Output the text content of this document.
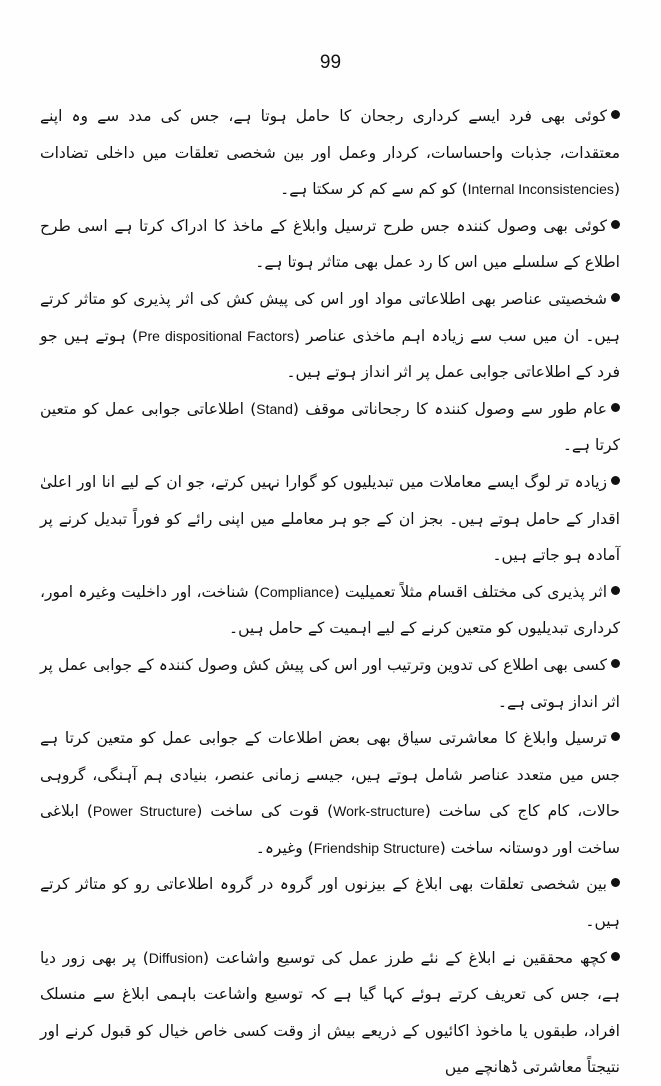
99

کوئی بھی فرد ایسے کرداری رجحان کا حامل ہوتا ہے، جس کی مدد سے وہ اپنے معتقدات، جذبات واحساسات، کردار وعمل اور بین شخصی تعلقات میں داخلی تضادات (Internal Inconsistencies) کو کم سے کم کر سکتا ہے۔

کوئی بھی وصول کنندہ جس طرح ترسیل وابلاغ کے ماخذ کا ادراک کرتا ہے اسی طرح اطلاع کے سلسلے میں اس کا رد عمل بھی متاثر ہوتا ہے۔

شخصیتی عناصر بھی اطلاعاتی مواد اور اس کی پیش کش کی اثر پذیری کو متاثر کرتے ہیں۔ ان میں سب سے زیادہ اہم ماخذی عناصر (Pre dispositional Factors) ہوتے ہیں جو فرد کے اطلاعاتی جوابی عمل پر اثر انداز ہوتے ہیں۔

عام طور سے وصول کنندہ کا رجحاناتی موقف (Stand) اطلاعاتی جوابی عمل کو متعین کرتا ہے۔

زیادہ تر لوگ ایسے معاملات میں تبدیلیوں کو گوارا نہیں کرتے، جو ان کے لیے انا اور اعلیٰ اقدار کے حامل ہوتے ہیں۔ بجز ان کے جو ہر معاملے میں اپنی رائے کو فوراً تبدیل کرنے پر آمادہ ہو جاتے ہیں۔

اثر پذیری کی مختلف اقسام مثلاً تعمیلیت (Compliance) شناخت، اور داخلیت وغیرہ امور، کرداری تبدیلیوں کو متعین کرنے کے لیے اہمیت کے حامل ہیں۔

کسی بھی اطلاع کی تدوین وترتیب اور اس کی پیش کش وصول کنندہ کے جوابی عمل پر اثر انداز ہوتی ہے۔

ترسیل وابلاغ کا معاشرتی سیاق بھی بعض اطلاعات کے جوابی عمل کو متعین کرتا ہے جس میں متعدد عناصر شامل ہوتے ہیں، جیسے زمانی عنصر، بنیادی ہم آہنگی، گروہی حالات، کام کاج کی ساخت (Work-structure) قوت کی ساخت (Power Structure) ابلاغی ساخت اور دوستانہ ساخت (Friendship Structure) وغیرہ۔

بین شخصی تعلقات بھی ابلاغ کے بیزنوں اور گروہ در گروہ اطلاعاتی رو کو متاثر کرتے ہیں۔

کچھ محققین نے ابلاغ کے نئے طرز عمل کی توسیع واشاعت (Diffusion) پر بھی زور دیا ہے، جس کی تعریف کرتے ہوئے کہا گیا ہے کہ توسیع واشاعت باہمی ابلاغ سے منسلک افراد، طبقوں یا ماخوذ اکائیوں کے ذریعے بیش از وقت کسی خاص خیال کو قبول کرنے اور نتیجتاً معاشرتی ڈھانچے میں
